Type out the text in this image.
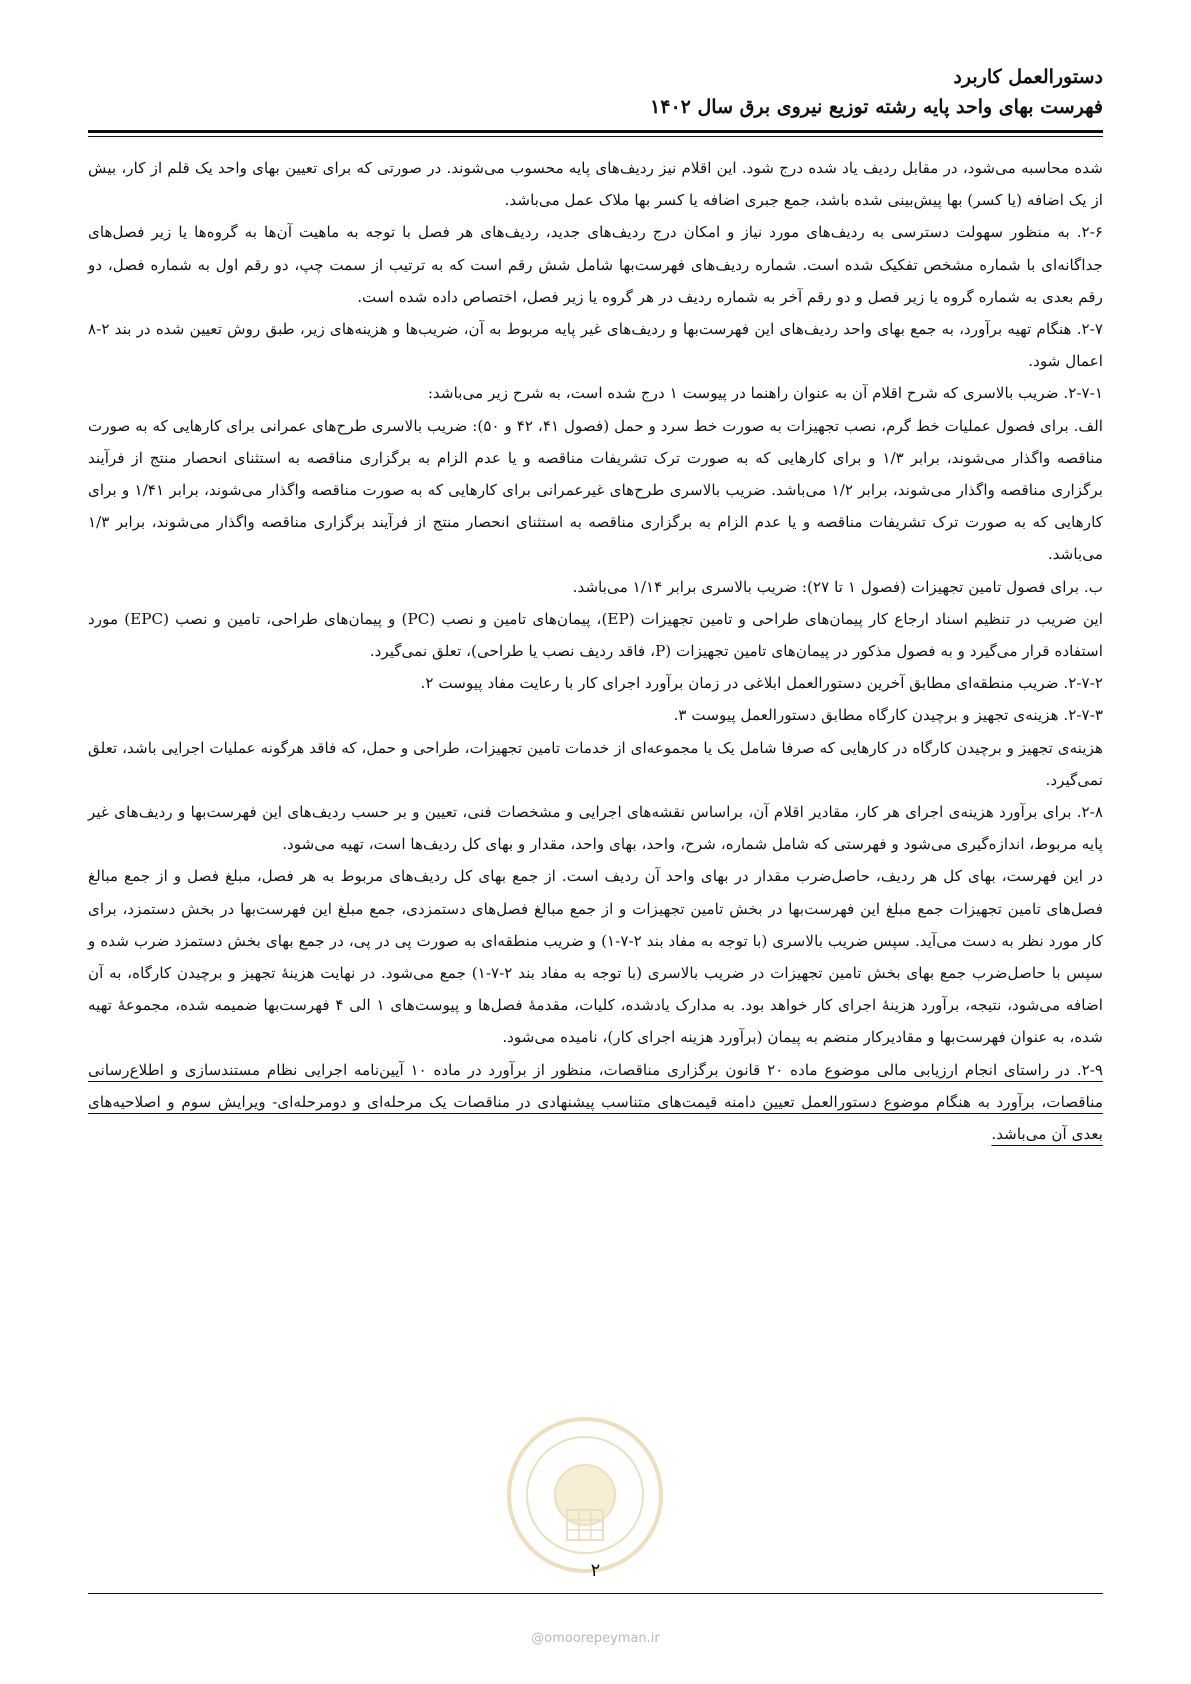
دستورالعمل کاربرد
فهرست بهای واحد پایه رشته توزیع نیروی برق سال ۱۴۰۲

شده محاسبه می‌شود، در مقابل ردیف یاد شده درج شود. این اقلام نیز ردیف‌های پایه محسوب می‌شوند. در صورتی که برای تعیین بهای واحد یک قلم از کار، بیش از یک اضافه (یا کسر) بها پیش‌بینی شده باشد، جمع جبری اضافه یا کسر بها ملاک عمل می‌باشد.

۲-۶. به منظور سهولت دسترسی به ردیف‌های مورد نیاز و امکان درج ردیف‌های جدید، ردیف‌های هر فصل با توجه به ماهیت آن‌ها به گروه‌ها یا زیر فصل‌های جداگانه‌ای با شماره مشخص تفکیک شده است. شماره ردیف‌های فهرست‌بها شامل شش رقم است که به ترتیب از سمت چپ، دو رقم اول به شماره فصل، دو رقم بعدی به شماره گروه یا زیر فصل و دو رقم آخر به شماره ردیف در هر گروه یا زیر فصل، اختصاص داده شده است.

۲-۷. هنگام تهیه برآورد، به جمع بهای واحد ردیف‌های این فهرست‌بها و ردیف‌های غیر پایه مربوط به آن، ضریب‌ها و هزینه‌های زیر، طبق روش تعیین شده در بند ۲-۸ اعمال شود.

۲-۷-۱. ضریب بالاسری که شرح اقلام آن به عنوان راهنما در پیوست ۱ درج شده است، به شرح زیر می‌باشد:

الف. برای فصول عملیات خط گرم، نصب تجهیزات به صورت خط سرد و حمل (فصول ۴۱، ۴۲ و ۵۰): ضریب بالاسری طرح‌های عمرانی برای کارهایی که به صورت مناقصه واگذار می‌شوند، برابر ۱/۳ و برای کارهایی که به صورت ترک تشریفات مناقصه و یا عدم الزام به برگزاری مناقصه به استثنای انحصار منتج از فرآیند برگزاری مناقصه واگذار می‌شوند، برابر ۱/۲ می‌باشد. ضریب بالاسری طرح‌های غیرعمرانی برای کارهایی که به صورت مناقصه واگذار می‌شوند، برابر ۱/۴۱ و برای کارهایی که به صورت ترک تشریفات مناقصه و یا عدم الزام به برگزاری مناقصه به استثنای انحصار منتج از فرآیند برگزاری مناقصه واگذار می‌شوند، برابر ۱/۳ می‌باشد.

ب. برای فصول تامین تجهیزات (فصول ۱ تا ۲۷): ضریب بالاسری برابر ۱/۱۴ می‌باشد.

این ضریب در تنظیم اسناد ارجاع کار پیمان‌های طراحی و تامین تجهیزات (EP)، پیمان‌های تامین و نصب (PC) و پیمان‌های طراحی، تامین و نصب (EPC) مورد استفاده قرار می‌گیرد و به فصول مذکور در پیمان‌های تامین تجهیزات (P، فاقد ردیف نصب یا طراحی)، تعلق نمی‌گیرد.

۲-۷-۲. ضریب منطقه‌ای مطابق آخرین دستورالعمل ابلاغی در زمان برآورد اجرای کار با رعایت مفاد پیوست ۲.

۲-۷-۳. هزینه‌ی تجهیز و برچیدن کارگاه مطابق دستورالعمل پیوست ۳.

هزینه‌ی تجهیز و برچیدن کارگاه در کارهایی که صرفا شامل یک یا مجموعه‌ای از خدمات تامین تجهیزات، طراحی و حمل، که فاقد هرگونه عملیات اجرایی باشد، تعلق نمی‌گیرد.

۲-۸. برای برآورد هزینه‌ی اجرای هر کار، مقادیر اقلام آن، براساس نقشه‌های اجرایی و مشخصات فنی، تعیین و بر حسب ردیف‌های این فهرست‌بها و ردیف‌های غیر پایه مربوط، اندازه‌گیری می‌شود و فهرستی که شامل شماره، شرح، واحد، بهای واحد، مقدار و بهای کل ردیف‌ها است، تهیه می‌شود.

در این فهرست، بهای کل هر ردیف، حاصل‌ضرب مقدار در بهای واحد آن ردیف است. از جمع بهای کل ردیف‌های مربوط به هر فصل، مبلغ فصل و از جمع مبالغ فصل‌های تامین تجهیزات جمع مبلغ این فهرست‌بها در بخش تامین تجهیزات و از جمع مبالغ فصل‌های دستمزدی، جمع مبلغ این فهرست‌بها در بخش دستمزد، برای کار مورد نظر به دست می‌آید. سپس ضریب بالاسری (با توجه به مفاد بند ۲-۷-۱) و ضریب منطقه‌ای به صورت پی در پی، در جمع بهای بخش دستمزد ضرب شده و سپس با حاصل‌ضرب جمع بهای بخش تامین تجهیزات در ضریب بالاسری (با توجه به مفاد بند ۲-۷-۱) جمع می‌شود. در نهایت هزینهٔ تجهیز و برچیدن کارگاه، به آن اضافه می‌شود، نتیجه، برآورد هزینهٔ اجرای کار خواهد بود. به مدارک یادشده، کلیات، مقدمهٔ فصل‌ها و پیوست‌های ۱ الی ۴ فهرست‌بها ضمیمه شده، مجموعهٔ تهیه شده، به عنوان فهرست‌بها و مقادیرکار منضم به پیمان (برآورد هزینه اجرای کار)، نامیده می‌شود.

۲-۹. در راستای انجام ارزیابی مالی موضوع ماده ۲۰ قانون برگزاری مناقصات، منظور از برآورد در ماده ۱۰ آیین‌نامه اجرایی نظام مستندسازی و اطلاع‌رسانی مناقصات، برآورد به هنگام موضوع دستورالعمل تعیین دامنه قیمت‌های متناسب پیشنهادی در مناقصات یک مرحله‌ای و دومرحله‌ای- ویرایش سوم و اصلاحیه‌های بعدی آن می‌باشد.

۲
@omoorepeyman.ir
